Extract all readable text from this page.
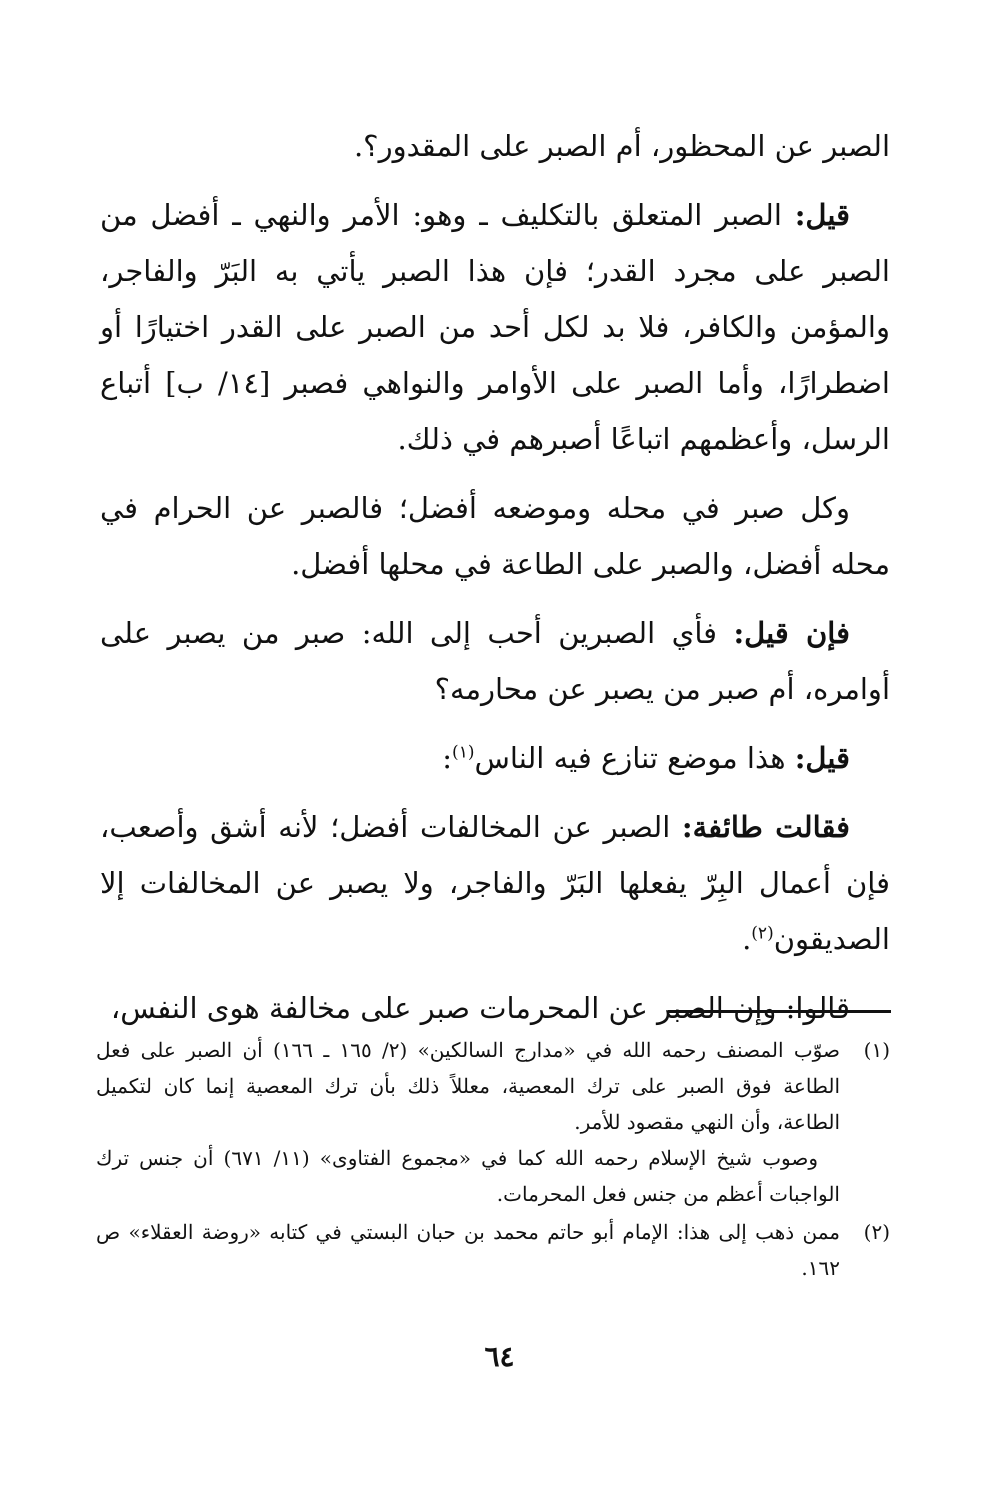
الصبر عن المحظور، أم الصبر على المقدور؟.

قيل: الصبر المتعلق بالتكليف ـ وهو: الأمر والنهي ـ أفضل من الصبر على مجرد القدر؛ فإن هذا الصبر يأتي به البَرّ والفاجر، والمؤمن والكافر، فلا بد لكل أحد من الصبر على القدر اختيارًا أو اضطرارًا، وأما الصبر على الأوامر والنواهي فصبر [١٤/ ب] أتباع الرسل، وأعظمهم اتباعًا أصبرهم في ذلك.

وكل صبر في محله وموضعه أفضل؛ فالصبر عن الحرام في محله أفضل، والصبر على الطاعة في محلها أفضل.

فإن قيل: فأي الصبرين أحب إلى الله: صبر من يصبر على أوامره، أم صبر من يصبر عن محارمه؟

قيل: هذا موضع تنازع فيه الناس$^{(١)}$:

فقالت طائفة: الصبر عن المخالفات أفضل؛ لأنه أشق وأصعب، فإن أعمال البِرّ يفعلها البَرّ والفاجر، ولا يصبر عن المخالفات إلا الصديقون$^{(٢)}$.

قالوا: وإن الصبر عن المحرمات صبر على مخالفة هوى النفس،

(١)

صوّب المصنف رحمه الله في «مدارج السالكين» (٢/ ١٦٥ ـ ١٦٦) أن الصبر على فعل الطاعة فوق الصبر على ترك المعصية، معللاً ذلك بأن ترك المعصية إنما كان لتكميل الطاعة، وأن النهي مقصود للأمر.

وصوب شيخ الإسلام رحمه الله كما في «مجموع الفتاوى» (١١/ ٦٧١) أن جنس ترك الواجبات أعظم من جنس فعل المحرمات.

(٢)

ممن ذهب إلى هذا: الإمام أبو حاتم محمد بن حبان البستي في كتابه «روضة العقلاء» ص ١٦٢.

٦٤
